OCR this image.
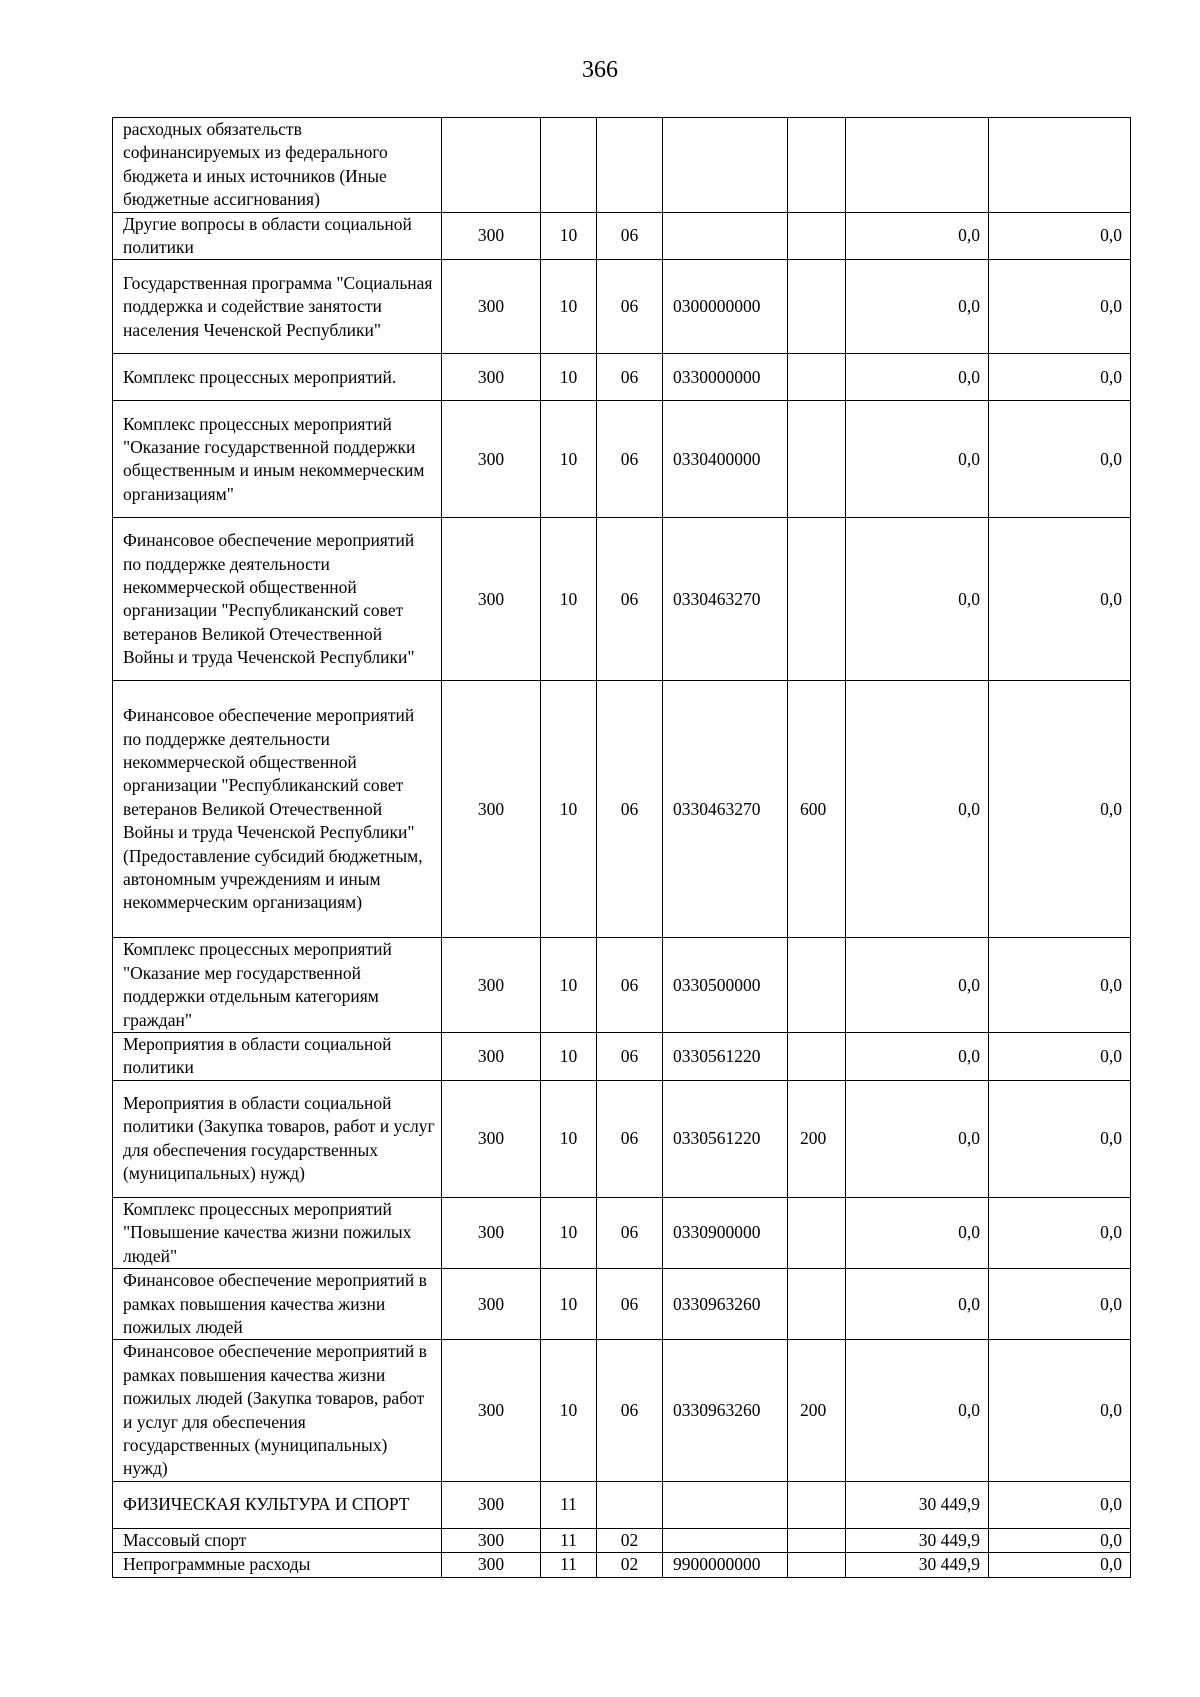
366
расходных обязательств софинансируемых из федерального бюджета и иных источников (Иные бюджетные ассигнования)							
Другие вопросы в области социальной политики	300	10	06			0,0	0,0
Государственная программа "Социальная поддержка и содействие занятости населения Чеченской Республики"	300	10	06	0300000000		0,0	0,0
Комплекс процессных мероприятий.	300	10	06	0330000000		0,0	0,0
Комплекс процессных мероприятий "Оказание государственной поддержки общественным и иным некоммерческим организациям"	300	10	06	0330400000		0,0	0,0
Финансовое обеспечение мероприятий по поддержке деятельности некоммерческой общественной организации "Республиканский совет ветеранов Великой Отечественной Войны и труда Чеченской Республики"	300	10	06	0330463270		0,0	0,0
Финансовое обеспечение мероприятий по поддержке деятельности некоммерческой общественной организации "Республиканский совет ветеранов Великой Отечественной Войны и труда Чеченской Республики" (Предоставление субсидий бюджетным, автономным учреждениям и иным некоммерческим организациям)	300	10	06	0330463270	600	0,0	0,0
Комплекс процессных мероприятий "Оказание мер государственной поддержки отдельным категориям граждан"	300	10	06	0330500000		0,0	0,0
Мероприятия в области социальной политики	300	10	06	0330561220		0,0	0,0
Мероприятия в области социальной политики (Закупка товаров, работ и услуг для обеспечения государственных (муниципальных) нужд)	300	10	06	0330561220	200	0,0	0,0
Комплекс процессных мероприятий "Повышение качества жизни пожилых людей"	300	10	06	0330900000		0,0	0,0
Финансовое обеспечение мероприятий в рамках повышения качества жизни пожилых людей	300	10	06	0330963260		0,0	0,0
Финансовое обеспечение мероприятий в рамках повышения качества жизни пожилых людей (Закупка товаров, работ и услуг для обеспечения государственных (муниципальных) нужд)	300	10	06	0330963260	200	0,0	0,0
ФИЗИЧЕСКАЯ КУЛЬТУРА И СПОРТ	300	11				30 449,9	0,0
Массовый спорт	300	11	02			30 449,9	0,0
Непрограммные расходы	300	11	02	9900000000		30 449,9	0,0
